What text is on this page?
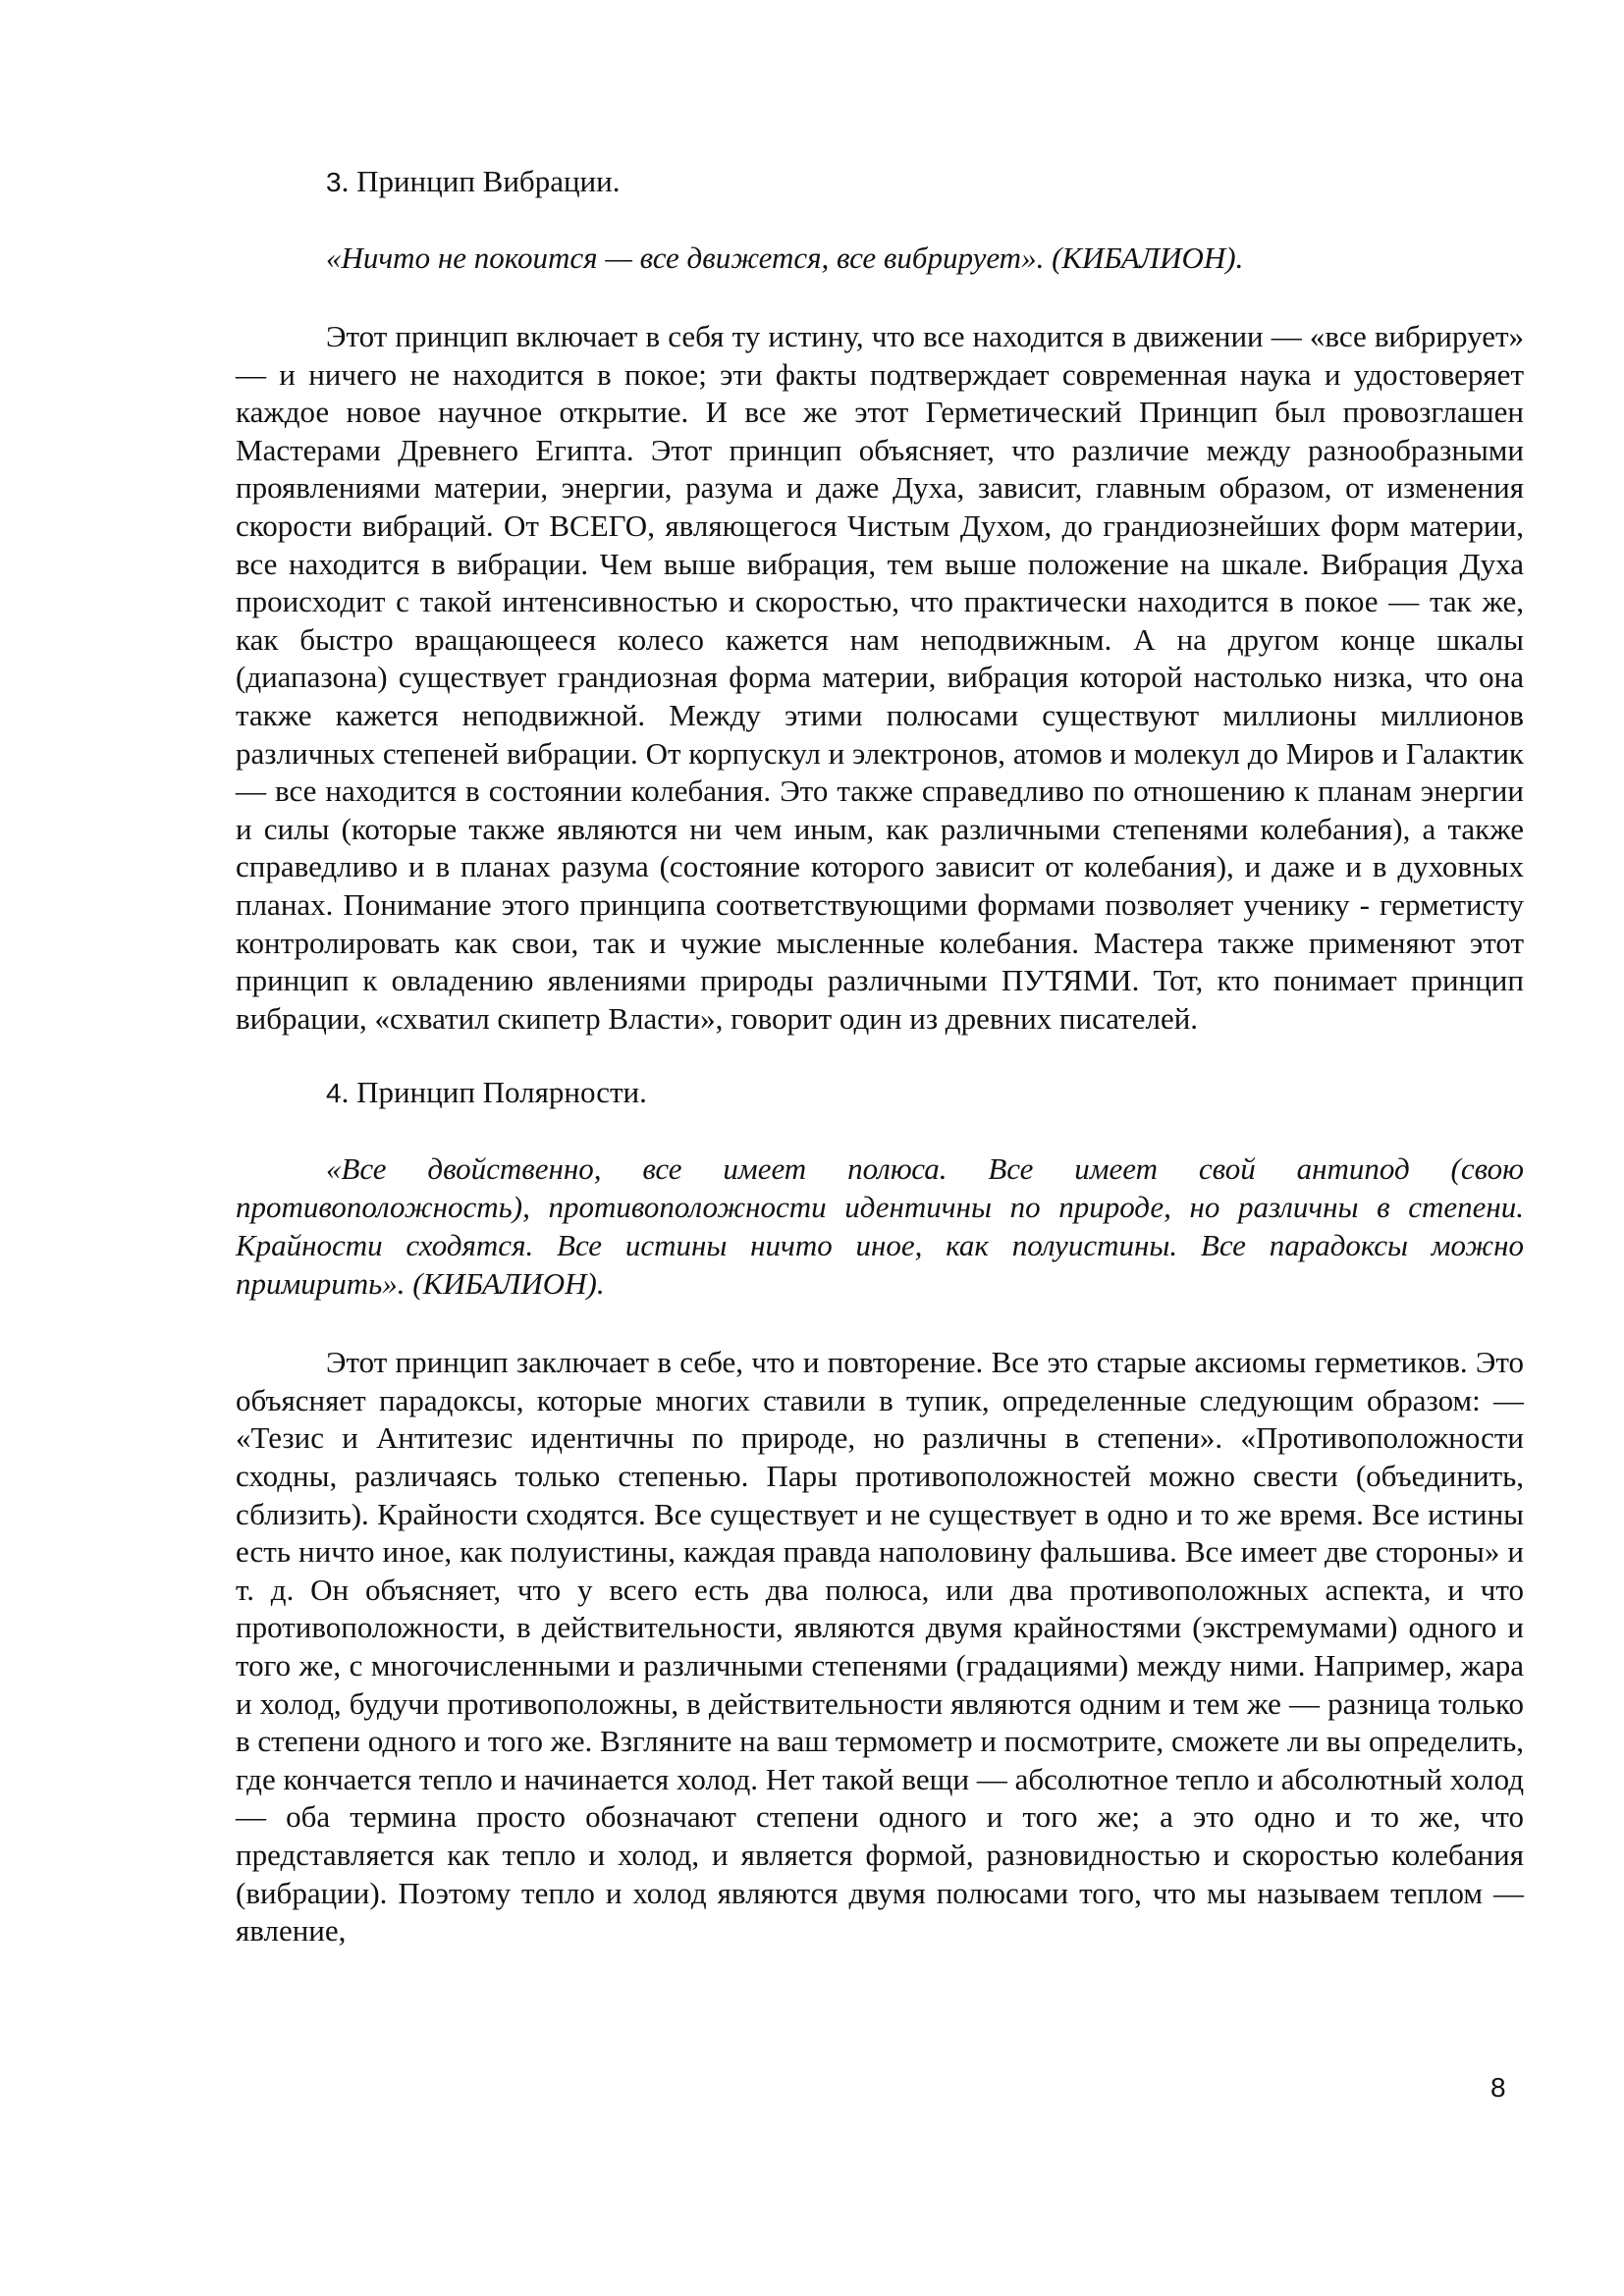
3. Принцип Вибрации.

«Ничто не покоится — все движется, все вибрирует». (КИБАЛИОН).

Этот принцип включает в себя ту истину, что все находится в движении — «все вибрирует» — и ничего не находится в покое; эти факты подтверждает современная наука и удостоверяет каждое новое научное открытие. И все же этот Герметический Принцип был провозглашен Мастерами Древнего Египта. Этот принцип объясняет, что различие между разнообразными проявлениями материи, энергии, разума и даже Духа, зависит, главным образом, от изменения скорости вибраций. От ВСЕГО, являющегося Чистым Духом, до грандиознейших форм материи, все находится в вибрации. Чем выше вибрация, тем выше положение на шкале. Вибрация Духа происходит с такой интенсивностью и скоростью, что практически находится в покое — так же, как быстро вращающееся колесо кажется нам неподвижным. А на другом конце шкалы (диапазона) существует грандиозная форма материи, вибрация которой настолько низка, что она также кажется неподвижной. Между этими полюсами существуют миллионы миллионов различных степеней вибрации. От корпускул и электронов, атомов и молекул до Миров и Галактик — все находится в состоянии колебания. Это также справедливо по отношению к планам энергии и силы (которые также являются ни чем иным, как различными степенями колебания), а также справедливо и в планах разума (состояние которого зависит от колебания), и даже и в духовных планах. Понимание этого принципа соответствующими формами позволяет ученику - герметисту контролировать как свои, так и чужие мысленные колебания. Мастера также применяют этот принцип к овладению явлениями природы различными ПУТЯМИ. Тот, кто понимает принцип вибрации, «схватил скипетр Власти», говорит один из древних писателей.

4. Принцип Полярности.

«Все двойственно, все имеет полюса. Все имеет свой антипод (свою противоположность), противоположности идентичны по природе, но различны в степени. Крайности сходятся. Все истины ничто иное, как полуистины. Все парадоксы можно примирить». (КИБАЛИОН).

Этот принцип заключает в себе, что и повторение. Все это старые аксиомы герметиков. Это объясняет парадоксы, которые многих ставили в тупик, определенные следующим образом: — «Тезис и Антитезис идентичны по природе, но различны в степени». «Противоположности сходны, различаясь только степенью. Пары противоположностей можно свести (объединить, сблизить). Крайности сходятся. Все существует и не существует в одно и то же время. Все истины есть ничто иное, как полуистины, каждая правда наполовину фальшива. Все имеет две стороны» и т. д. Он объясняет, что у всего есть два полюса, или два противоположных аспекта, и что противоположности, в действительности, являются двумя крайностями (экстремумами) одного и того же, с многочисленными и различными степенями (градациями) между ними. Например, жара и холод, будучи противоположны, в действительности являются одним и тем же — разница только в степени одного и того же. Взгляните на ваш термометр и посмотрите, сможете ли вы определить, где кончается тепло и начинается холод. Нет такой вещи — абсолютное тепло и абсолютный холод — оба термина просто обозначают степени одного и того же; а это одно и то же, что представляется как тепло и холод, и является формой, разновидностью и скоростью колебания (вибрации). Поэтому тепло и холод являются двумя полюсами того, что мы называем теплом — явление,

8
